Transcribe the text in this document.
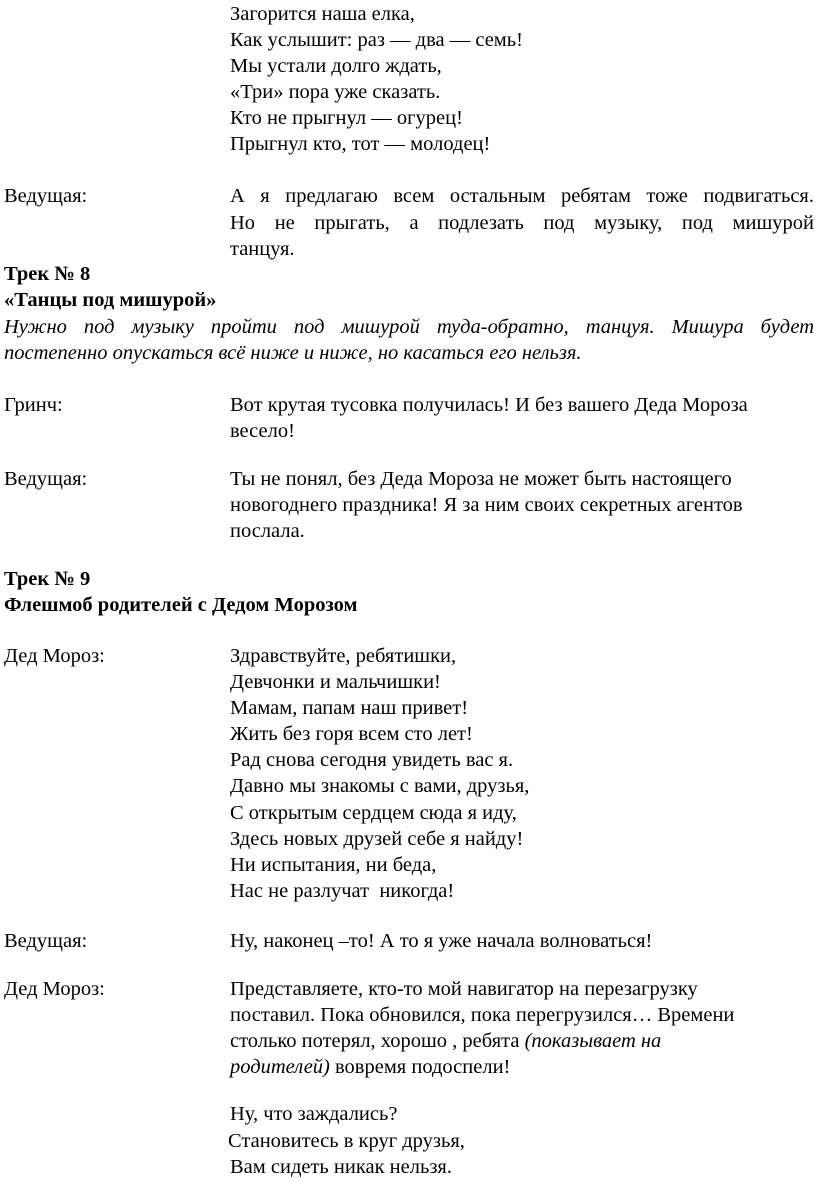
Загорится наша елка,
Как услышит: раз — два — семь!
Мы устали долго ждать,
«Три» пора уже сказать.
Кто не прыгнул — огурец!
Прыгнул кто, тот — молодец!
Ведущая:	А я предлагаю всем остальным ребятам тоже подвигаться.
Но не прыгать, а подлезать под музыку, под мишурой
танцуя.
Трек № 8
«Танцы под мишурой»
Нужно под музыку пройти под мишурой туда-обратно, танцуя. Мишура будет
постепенно опускаться всё ниже и ниже, но касаться его нельзя.
Гринч:	Вот крутая тусовка получилась! И без вашего Деда Мороза
весело!
Ведущая:	Ты не понял, без Деда Мороза не может быть настоящего
новогоднего праздника! Я за ним своих секретных агентов
послала.
Трек № 9
Флешмоб родителей с Дедом Морозом
Дед Мороз:	Здравствуйте, ребятишки,
Девчонки и мальчишки!
Мамам, папам наш привет!
Жить без горя всем сто лет!
Рад снова сегодня увидеть вас я.
Давно мы знакомы с вами, друзья,
С открытым сердцем сюда я иду,
Здесь новых друзей себе я найду!
Ни испытания, ни беда,
Нас не разлучат  никогда!
Ведущая:	Ну, наконец –то! А то я уже начала волноваться!
Дед Мороз:	Представляете, кто-то мой навигатор на перезагрузку
поставил. Пока обновился, пока перегрузился… Времени
столько потерял, хорошо , ребята (показывает на
родителей) вовремя подоспели!
Ну, что заждались?
Становитесь в круг друзья,
Вам сидеть никак нельзя.
